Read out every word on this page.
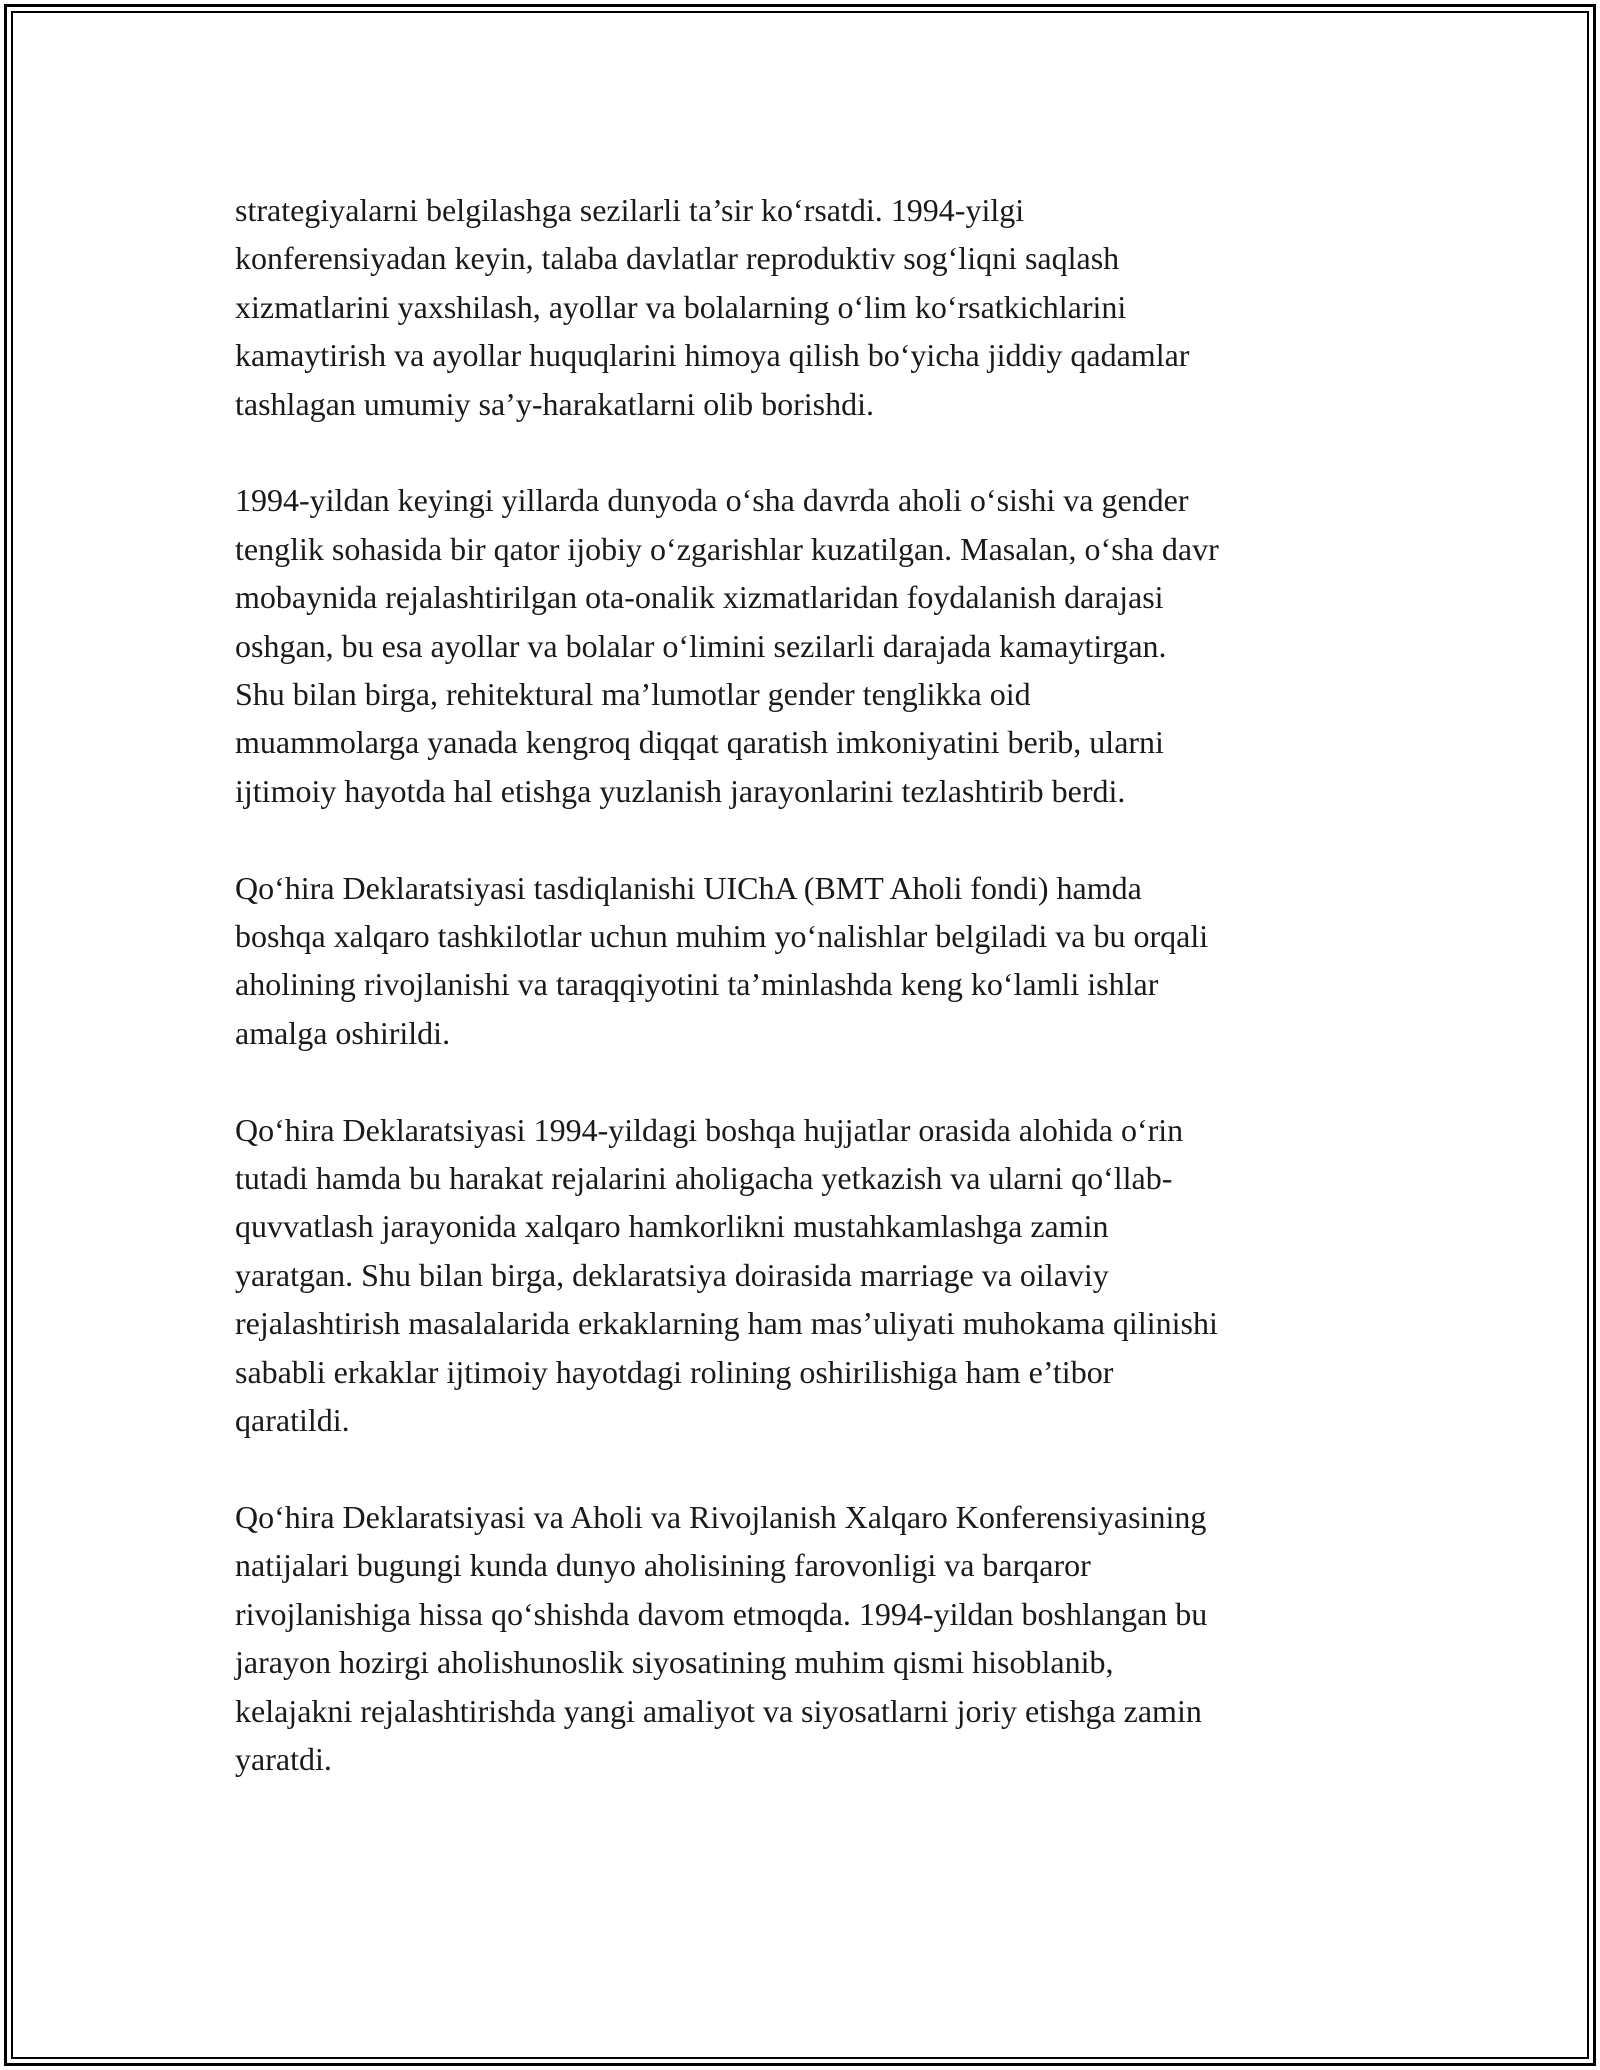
strategiyalarni belgilashga sezilarli ta’sir ko‘rsatdi. 1994-yilgi
konferensiyadan keyin, talaba davlatlar reproduktiv sog‘liqni saqlash
xizmatlarini yaxshilash, ayollar va bolalarning o‘lim ko‘rsatkichlarini
kamaytirish va ayollar huquqlarini himoya qilish bo‘yicha jiddiy qadamlar
tashlagan umumiy sa’y-harakatlarni olib borishdi.

1994-yildan keyingi yillarda dunyoda o‘sha davrda aholi o‘sishi va gender
tenglik sohasida bir qator ijobiy o‘zgarishlar kuzatilgan. Masalan, o‘sha davr
mobaynida rejalashtirilgan ota-onalik xizmatlaridan foydalanish darajasi
oshgan, bu esa ayollar va bolalar o‘limini sezilarli darajada kamaytirgan.
Shu bilan birga, rehitektural ma’lumotlar gender tenglikka oid
muammolarga yanada kengroq diqqat qaratish imkoniyatini berib, ularni
ijtimoiy hayotda hal etishga yuzlanish jarayonlarini tezlashtirib berdi.

Qo‘hira Deklaratsiyasi tasdiqlanishi UIChA (BMT Aholi fondi) hamda
boshqa xalqaro tashkilotlar uchun muhim yo‘nalishlar belgiladi va bu orqali
aholining rivojlanishi va taraqqiyotini ta’minlashda keng ko‘lamli ishlar
amalga oshirildi.

Qo‘hira Deklaratsiyasi 1994-yildagi boshqa hujjatlar orasida alohida o‘rin
tutadi hamda bu harakat rejalarini aholigacha yetkazish va ularni qo‘llab-
quvvatlash jarayonida xalqaro hamkorlikni mustahkamlashga zamin
yaratgan. Shu bilan birga, deklaratsiya doirasida marriage va oilaviy
rejalashtirish masalalarida erkaklarning ham mas’uliyati muhokama qilinishi
sababli erkaklar ijtimoiy hayotdagi rolining oshirilishiga ham e’tibor
qaratildi.

Qo‘hira Deklaratsiyasi va Aholi va Rivojlanish Xalqaro Konferensiyasining
natijalari bugungi kunda dunyo aholisining farovonligi va barqaror
rivojlanishiga hissa qo‘shishda davom etmoqda. 1994-yildan boshlangan bu
jarayon hozirgi aholishunoslik siyosatining muhim qismi hisoblanib,
kelajakni rejalashtirishda yangi amaliyot va siyosatlarni joriy etishga zamin
yaratdi.
